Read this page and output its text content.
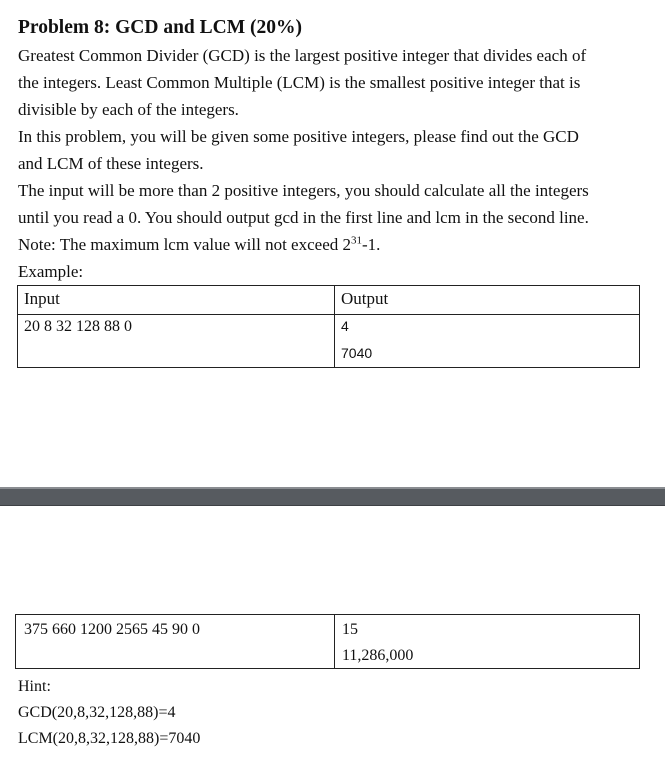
Problem 8: GCD and LCM (20%)
Greatest Common Divider (GCD) is the largest positive integer that divides each of
the integers. Least Common Multiple (LCM) is the smallest positive integer that is
divisible by each of the integers.
In this problem, you will be given some positive integers, please find out the GCD
and LCM of these integers.
The input will be more than 2 positive integers, you should calculate all the integers
until you read a 0. You should output gcd in the first line and lcm in the second line.
Note: The maximum lcm value will not exceed $2^{31}-1$.
Example:
Input	Output
20 8 32 128 88 0	4
7040
375 660 1200 2565 45 90 0	15
11,286,000
Hint:
GCD(20,8,32,128,88)=4
LCM(20,8,32,128,88)=7040
